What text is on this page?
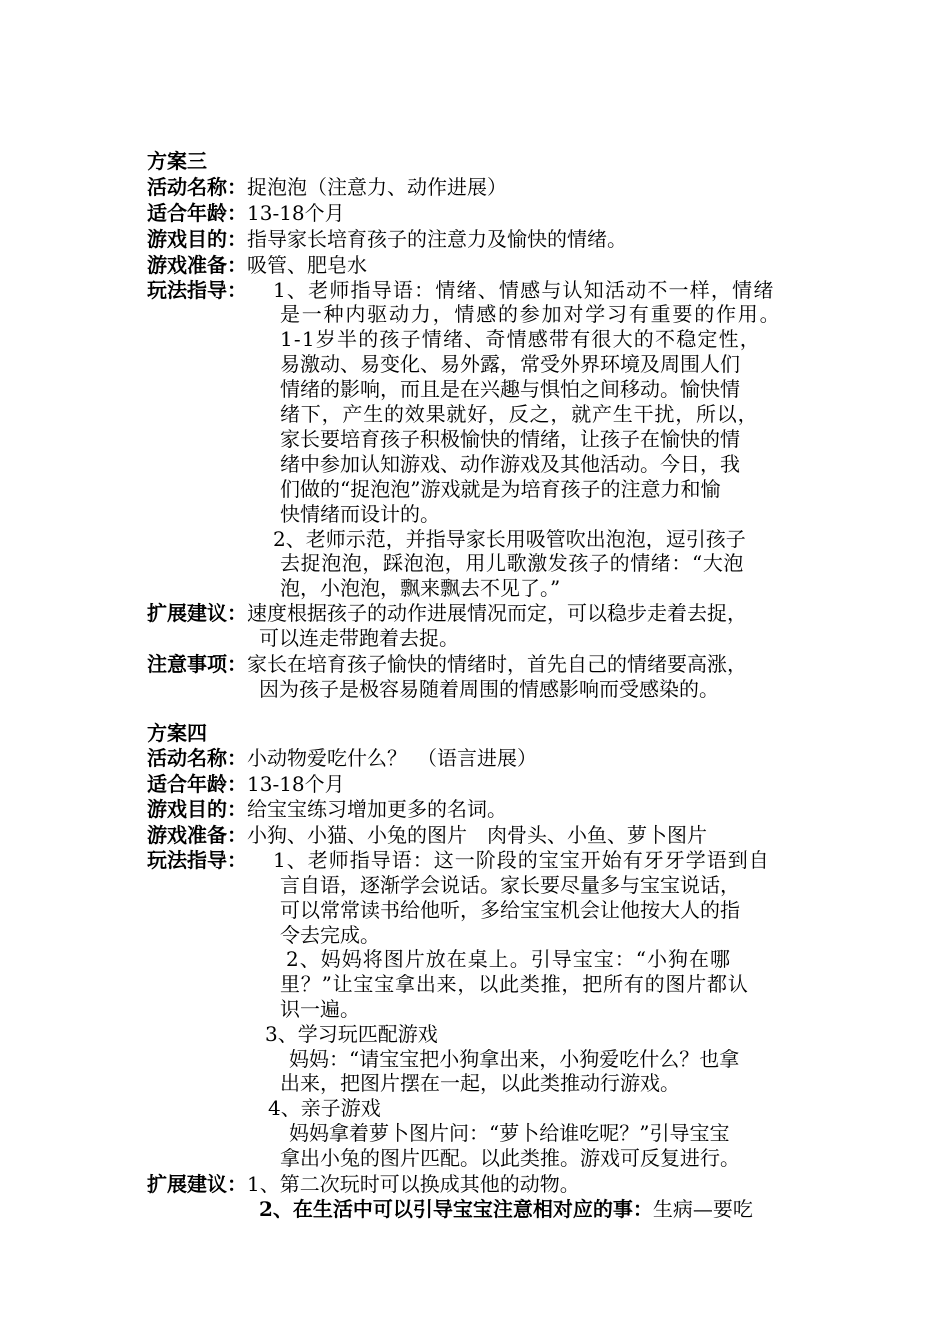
方案三
活动名称：捉泡泡（注意力、动作进展）
适合年龄：13-18个月
游戏目的：指导家长培育孩子的注意力及愉快的情绪。
游戏准备：吸管、肥皂水
玩法指导： 1、老师指导语：情绪、情感与认知活动不一样，情绪
是一种内驱动力，情感的参加对学习有重要的作用。
1-1岁半的孩子情绪、奇情感带有很大的不稳定性，
易激动、易变化、易外露，常受外界环境及周围人们
情绪的影响，而且是在兴趣与惧怕之间移动。愉快情
绪下，产生的效果就好，反之，就产生干扰，所以，
家长要培育孩子积极愉快的情绪，让孩子在愉快的情
绪中参加认知游戏、动作游戏及其他活动。今日，我
们做的“捉泡泡”游戏就是为培育孩子的注意力和愉
快情绪而设计的。
2、老师示范，并指导家长用吸管吹出泡泡，逗引孩子
去捉泡泡，踩泡泡，用儿歌激发孩子的情绪：“大泡
泡，小泡泡，飘来飘去不见了。”
扩展建议：速度根据孩子的动作进展情况而定，可以稳步走着去捉，
可以连走带跑着去捉。
注意事项：家长在培育孩子愉快的情绪时，首先自己的情绪要高涨，
因为孩子是极容易随着周围的情感影响而受感染的。
方案四
活动名称：小动物爱吃什么？　（语言进展）
适合年龄：13-18个月
游戏目的：给宝宝练习增加更多的名词。
游戏准备：小狗、小猫、小兔的图片　肉骨头、小鱼、萝卜图片
玩法指导： 1、老师指导语：这一阶段的宝宝开始有牙牙学语到自
言自语，逐渐学会说话。家长要尽量多与宝宝说话，
可以常常读书给他听，多给宝宝机会让他按大人的指
令去完成。
2、妈妈将图片放在桌上。引导宝宝：“小狗在哪
里？”让宝宝拿出来，以此类推，把所有的图片都认
识一遍。
3、学习玩匹配游戏
妈妈：“请宝宝把小狗拿出来，小狗爱吃什么？也拿
出来，把图片摆在一起，以此类推动行游戏。
4、亲子游戏
妈妈拿着萝卜图片问：“萝卜给谁吃呢？”引导宝宝
拿出小兔的图片匹配。以此类推。游戏可反复进行。
扩展建议：1、第二次玩时可以换成其他的动物。
2、在生活中可以引导宝宝注意相对应的事：生病—要吃
